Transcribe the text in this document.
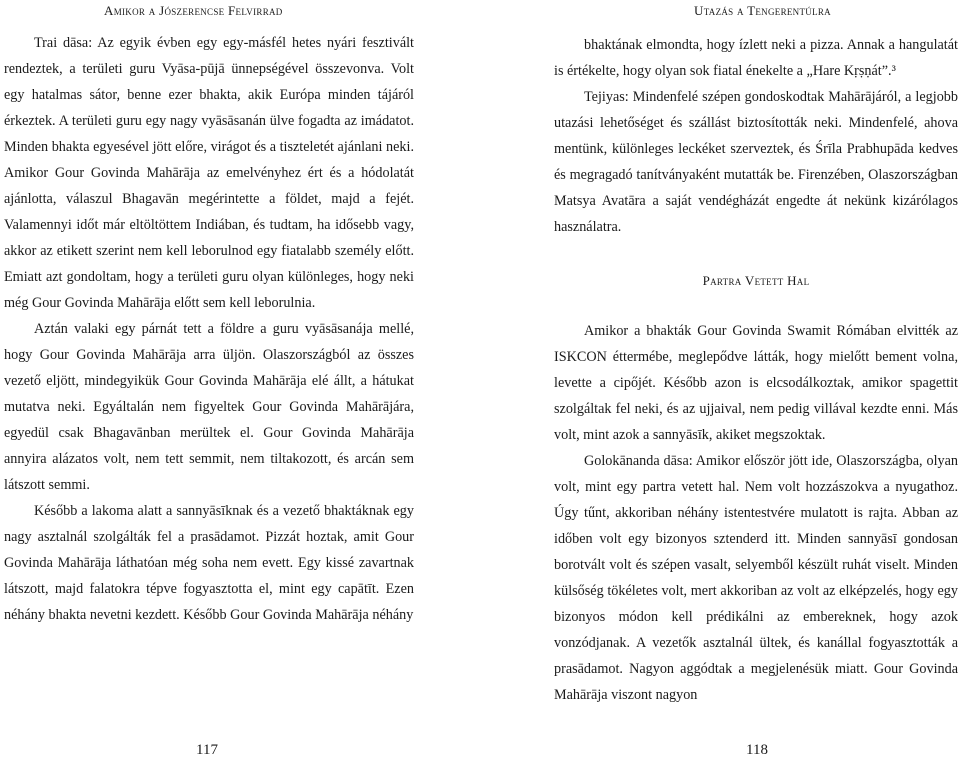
Amikor a Jószerencse Felvirrad

Trai dāsa: Az egyik évben egy egy-másfél hetes nyári fesztivált rendeztek, a területi guru Vyāsa-pūjā ünnepségével összevonva. Volt egy hatalmas sátor, benne ezer bhakta, akik Európa minden tájáról érkeztek. A területi guru egy nagy vyāsāsanán ülve fogadta az imádatot. Minden bhakta egyesével jött előre, virágot és a tiszteletét ajánlani neki. Amikor Gour Govinda Mahārāja az emelvényhez ért és a hódolatát ajánlotta, válaszul Bhagavān megérintette a földet, majd a fejét. Valamennyi időt már eltöltöttem Indiában, és tudtam, ha idősebb vagy, akkor az etikett szerint nem kell leborulnod egy fiatalabb személy előtt. Emiatt azt gondoltam, hogy a területi guru olyan különleges, hogy neki még Gour Govinda Mahārāja előtt sem kell leborulnia.

Aztán valaki egy párnát tett a földre a guru vyāsāsanája mellé, hogy Gour Govinda Mahārāja arra üljön. Olaszországból az összes vezető eljött, mindegyikük Gour Govinda Mahārāja elé állt, a hátukat mutatva neki. Egyáltalán nem figyeltek Gour Govinda Mahārājára, egyedül csak Bhagavānban merültek el. Gour Govinda Mahārāja annyira alázatos volt, nem tett semmit, nem tiltakozott, és arcán sem látszott semmi.

Később a lakoma alatt a sannyāsīknak és a vezető bhaktáknak egy nagy asztalnál szolgálták fel a prasādamot. Pizzát hoztak, amit Gour Govinda Mahārāja láthatóan még soha nem evett. Egy kissé zavartnak látszott, majd falatokra tépve fogyasztotta el, mint egy capātīt. Ezen néhány bhakta nevetni kezdett. Később Gour Govinda Mahārāja néhány

117
Utazás a Tengerentúlra

bhaktának elmondta, hogy ízlett neki a pizza. Annak a hangulatát is értékelte, hogy olyan sok fiatal énekelte a „Hare Kṛṣṇát”.³

Tejiyas: Mindenfelé szépen gondoskodtak Mahārājáról, a legjobb utazási lehetőséget és szállást biztosították neki. Mindenfelé, ahova mentünk, különleges leckéket szerveztek, és Śrīla Prabhupāda kedves és megragadó tanítványaként mutatták be. Firenzében, Olaszországban Matsya Avatāra a saját vendégházát engedte át nekünk kizárólagos használatra.

Partra Vetett Hal

Amikor a bhakták Gour Govinda Swamit Rómában elvitték az ISKCON éttermébe, meglepődve látták, hogy mielőtt bement volna, levette a cipőjét. Később azon is elcsodálkoztak, amikor spagettit szolgáltak fel neki, és az ujjaival, nem pedig villával kezdte enni. Más volt, mint azok a sannyāsīk, akiket megszoktak.

Golokānanda dāsa: Amikor először jött ide, Olaszországba, olyan volt, mint egy partra vetett hal. Nem volt hozzászokva a nyugathoz. Úgy tűnt, akkoriban néhány istentestvére mulatott is rajta. Abban az időben volt egy bizonyos sztenderd itt. Minden sannyāsī gondosan borotvált volt és szépen vasalt, selyemből készült ruhát viselt. Minden külsőség tökéletes volt, mert akkoriban az volt az elképzelés, hogy egy bizonyos módon kell prédikálni az embereknek, hogy azok vonzódjanak. A vezetők asztalnál ültek, és kanállal fogyasztották a prasādamot. Nagyon aggódtak a megjelenésük miatt. Gour Govinda Mahārāja viszont nagyon

118
